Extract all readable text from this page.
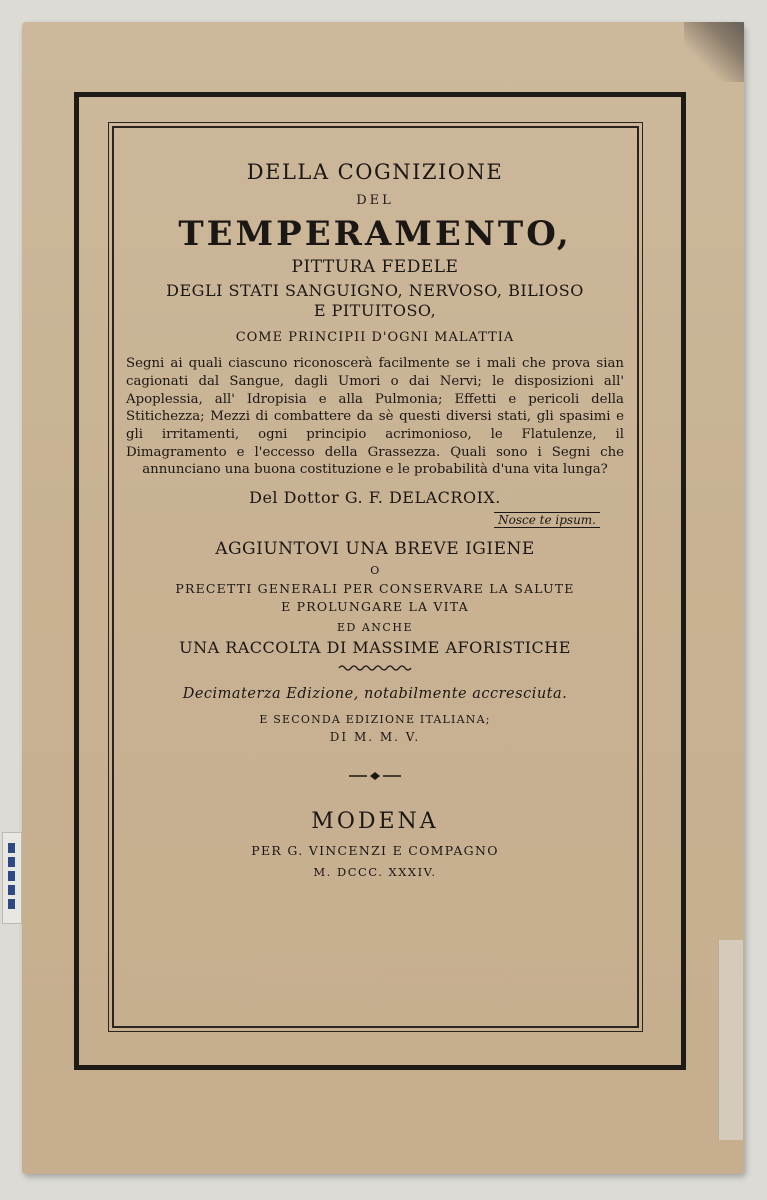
DELLA COGNIZIONE

DEL

TEMPERAMENTO,

PITTURA FEDELE

DEGLI STATI SANGUIGNO, NERVOSO, BILIOSO

E PITUITOSO,

COME PRINCIPII D'OGNI MALATTIA

Segni ai quali ciascuno riconoscerà facilmente se i mali che prova sian cagionati dal Sangue, dagli Umori o dai Nervi; le disposizioni all' Apoplessia, all' Idropisia e alla Pulmonia; Effetti e pericoli della Stitichezza; Mezzi di combattere da sè questi diversi stati, gli spasimi e gli irritamenti, ogni principio acrimonioso, le Flatulenze, il Dimagramento e l'eccesso della Grassezza. Quali sono i Segni che annunciano una buona costituzione e le probabilità d'una vita lunga?

Del Dottor G. F. DELACROIX.

Nosce te ipsum.

AGGIUNTOVI UNA BREVE IGIENE

O

PRECETTI GENERALI PER CONSERVARE LA SALUTE

E PROLUNGARE LA VITA

ED ANCHE

UNA RACCOLTA DI MASSIME AFORISTICHE

Decimaterza Edizione, notabilmente accresciuta.

E SECONDA EDIZIONE ITALIANA;

DI M. M. V.

MODENA

PER G. VINCENZI E COMPAGNO

M. DCCC. XXXIV.
